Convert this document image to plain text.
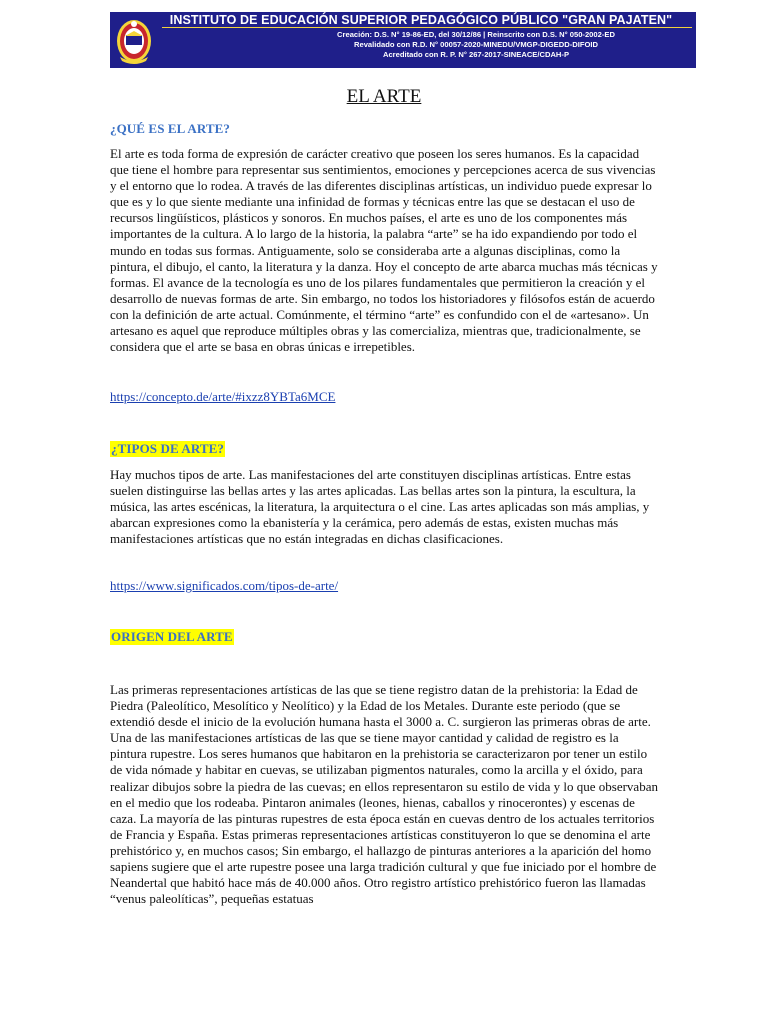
INSTITUTO DE EDUCACIÓN SUPERIOR PEDAGÓGICO PÚBLICO "GRAN PAJATEN"
Creación: D.S. N° 19-86-ED, del 30/12/86 | Reinscrito con D.S. N° 050-2002-ED
Revalidado con R.D. N° 00057-2020-MINEDU/VMGP-DIGEDD-DIFOID
Acreditado con R. P. N° 267-2017-SINEACE/CDAH-P
EL ARTE
¿QUÉ ES EL ARTE?

El arte es toda forma de expresión de carácter creativo que poseen los seres humanos. Es la capacidad que tiene el hombre para representar sus sentimientos, emociones y percepciones acerca de sus vivencias y el entorno que lo rodea. A través de las diferentes disciplinas artísticas, un individuo puede expresar lo que es y lo que siente mediante una infinidad de formas y técnicas entre las que se destacan el uso de recursos lingüísticos, plásticos y sonoros. En muchos países, el arte es uno de los componentes más importantes de la cultura. A lo largo de la historia, la palabra “arte” se ha ido expandiendo por todo el mundo en todas sus formas. Antiguamente, solo se consideraba arte a algunas disciplinas, como la pintura, el dibujo, el canto, la literatura y la danza. Hoy el concepto de arte abarca muchas más técnicas y formas. El avance de la tecnología es uno de los pilares fundamentales que permitieron la creación y el desarrollo de nuevas formas de arte. Sin embargo, no todos los historiadores y filósofos están de acuerdo con la definición de arte actual. Comúnmente, el término “arte” es confundido con el de «artesano». Un artesano es aquel que reproduce múltiples obras y las comercializa, mientras que, tradicionalmente, se considera que el arte se basa en obras únicas e irrepetibles.

https://concepto.de/arte/#ixzz8YBTa6MCE
¿TIPOS DE ARTE?

Hay muchos tipos de arte. Las manifestaciones del arte constituyen disciplinas artísticas. Entre estas suelen distinguirse las bellas artes y las artes aplicadas. Las bellas artes son la pintura, la escultura, la música, las artes escénicas, la literatura, la arquitectura o el cine. Las artes aplicadas son más amplias, y abarcan expresiones como la ebanistería y la cerámica, pero además de estas, existen muchas más manifestaciones artísticas que no están integradas en dichas clasificaciones.

https://www.significados.com/tipos-de-arte/
ORIGEN DEL ARTE

Las primeras representaciones artísticas de las que se tiene registro datan de la prehistoria: la Edad de Piedra (Paleolítico, Mesolítico y Neolítico) y la Edad de los Metales. Durante este periodo (que se extendió desde el inicio de la evolución humana hasta el 3000 a. C. surgieron las primeras obras de arte. Una de las manifestaciones artísticas de las que se tiene mayor cantidad y calidad de registro es la pintura rupestre. Los seres humanos que habitaron en la prehistoria se caracterizaron por tener un estilo de vida nómade y habitar en cuevas, se utilizaban pigmentos naturales, como la arcilla y el óxido, para realizar dibujos sobre la piedra de las cuevas; en ellos representaron su estilo de vida y lo que observaban en el medio que los rodeaba. Pintaron animales (leones, hienas, caballos y rinocerontes) y escenas de caza. La mayoría de las pinturas rupestres de esta época están en cuevas dentro de los actuales territorios de Francia y España. Estas primeras representaciones artísticas constituyeron lo que se denomina el arte prehistórico y, en muchos casos; Sin embargo, el hallazgo de pinturas anteriores a la aparición del homo sapiens sugiere que el arte rupestre posee una larga tradición cultural y que fue iniciado por el hombre de Neandertal que habitó hace más de 40.000 años. Otro registro artístico prehistórico fueron las llamadas “venus paleolíticas”, pequeñas estatuas
